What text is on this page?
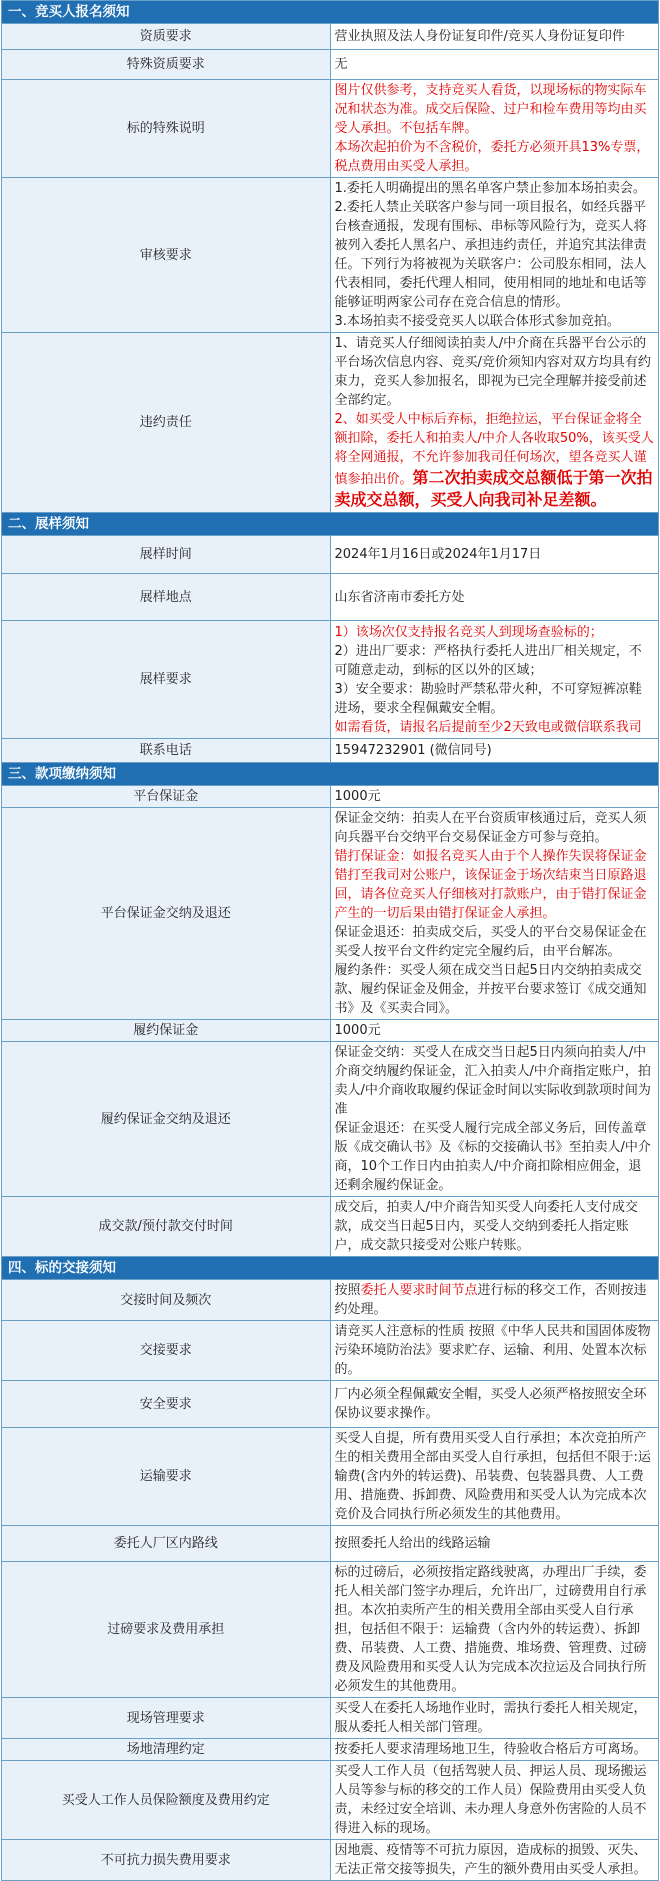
一、竞买人报名须知	
资质要求	营业执照及法人身份证复印件/竞买人身份证复印件

特殊资质要求	无

标的特殊说明	图片仅供参考，支持竞买人看货，以现场标的物实际车况和状态为准。成交后保险、过户和检车费用等均由买受人承担。不包括车牌。

本场次起拍价为不含税价，委托方必须开具13%专票，税点费用由买受人承担。

审核要求	1.委托人明确提出的黑名单客户禁止参加本场拍卖会。

2.委托人禁止关联客户参与同一项目报名，如经兵器平台核查通报，发现有围标、串标等风险行为，竞买人将被列入委托人黑名户、承担违约责任，并追究其法律责任。下列行为将被视为关联客户：公司股东相同，法人代表相同，委托代理人相同，使用相同的地址和电话等能够证明两家公司存在竞合信息的情形。

3.本场拍卖不接受竞买人以联合体形式参加竞拍。

违约责任	1、请竞买人仔细阅读拍卖人/中介商在兵器平台公示的平台场次信息内容、竞买/竞价须知内容对双方均具有约束力，竞买人参加报名，即视为已完全理解并接受前述全部约定。

2、如买受人中标后弃标，拒绝拉运，平台保证金将全额扣除，委托人和拍卖人/中介人各收取50%，该买受人将全网通报，不允许参加我司任何场次，望各竞买人谨慎参拍出价。第二次拍卖成交总额低于第一次拍卖成交总额，买受人向我司补足差额。

二、展样须知	
展样时间	2024年1月16日或2024年1月17日

展样地点	山东省济南市委托方处

展样要求	1）该场次仅支持报名竞买人到现场查验标的；

2）进出厂要求：严格执行委托人进出厂相关规定，不可随意走动，到标的区以外的区域；

3）安全要求：勘验时严禁私带火种，不可穿短裤凉鞋进场，要求全程佩戴安全帽。

如需看货，请报名后提前至少2天致电或微信联系我司

联系电话	15947232901 (微信同号)

三、款项缴纳须知	
平台保证金	1000元

平台保证金交纳及退还	保证金交纳：拍卖人在平台资质审核通过后，竞买人须向兵器平台交纳平台交易保证金方可参与竞拍。

错打保证金：如报名竞买人由于个人操作失误将保证金错打至我司对公账户，该保证金于场次结束当日原路退回，请各位竞买人仔细核对打款账户，由于错打保证金产生的一切后果由错打保证金人承担。

保证金退还：拍卖成交后，买受人的平台交易保证金在买受人按平台文件约定完全履约后，由平台解冻。

履约条件：买受人须在成交当日起5日内交纳拍卖成交款、履约保证金及佣金，并按平台要求签订《成交通知书》及《买卖合同》。

履约保证金	1000元

履约保证金交纳及退还	保证金交纳：买受人在成交当日起5日内须向拍卖人/中介商交纳履约保证金，汇入拍卖人/中介商指定账户，拍卖人/中介商收取履约保证金时间以实际收到款项时间为准

保证金退还：在买受人履行完成全部义务后，回传盖章版《成交确认书》及《标的交接确认书》至拍卖人/中介商，10个工作日内由拍卖人/中介商扣除相应佣金，退还剩余履约保证金。

成交款/预付款交付时间	成交后，拍卖人/中介商告知买受人向委托人支付成交款，成交当日起5日内，买受人交纳到委托人指定账户，成交款只接受对公账户转账。

四、标的交接须知	
交接时间及频次	按照委托人要求时间节点进行标的移交工作，否则按违约处理。

交接要求	请竞买人注意标的性质 按照《中华人民共和国固体废物污染环境防治法》要求贮存、运输、利用、处置本次标的。

安全要求	厂内必须全程佩戴安全帽，买受人必须严格按照安全环保协议要求操作。

运输要求	买受人自提，所有费用买受人自行承担；本次竞拍所产生的相关费用全部由买受人自行承担，包括但不限于:运输费(含内外的转运费)、吊装费、包装器具费、人工费用、措施费、拆卸费、风险费用和买受人认为完成本次竞价及合同执行所必须发生的其他费用。

委托人厂区内路线	按照委托人给出的线路运输

过磅要求及费用承担	标的过磅后，必须按指定路线驶离，办理出厂手续，委托人相关部门签字办理后，允许出厂，过磅费用自行承担。本次拍卖所产生的相关费用全部由买受人自行承担，包括但不限于：运输费（含内外的转运费）、拆卸费、吊装费、人工费、措施费、堆场费、管理费、过磅费及风险费用和买受人认为完成本次拉运及合同执行所必须发生的其他费用。

现场管理要求	买受人在委托人场地作业时，需执行委托人相关规定，服从委托人相关部门管理。

场地清理约定	按委托人要求清理场地卫生，待验收合格后方可离场。

买受人工作人员保险额度及费用约定	买受人工作人员（包括驾驶人员、押运人员、现场搬运人员等参与标的移交的工作人员）保险费用由买受人负责，未经过安全培训、未办理人身意外伤害险的人员不得进入标的现场。

不可抗力损失费用要求	因地震、疫情等不可抗力原因，造成标的损毁、灭失、无法正常交接等损失，产生的额外费用由买受人承担。
